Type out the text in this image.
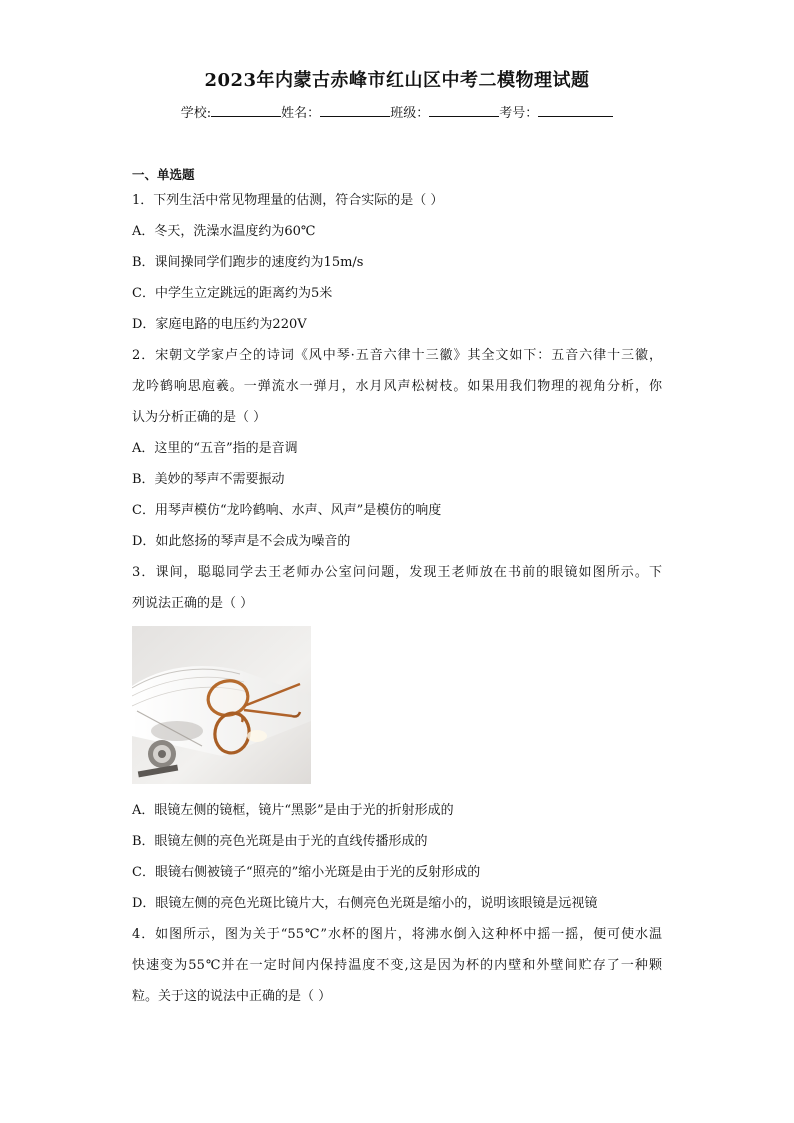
2023年内蒙古赤峰市红山区中考二模物理试题
学校:	姓名：	班级：	考号：
一、单选题
1．下列生活中常见物理量的估测，符合实际的是（ ）
A．冬天，洗澡水温度约为60℃
B．课间操同学们跑步的速度约为15m/s
C．中学生立定跳远的距离约为5米
D．家庭电路的电压约为220V
2．宋朝文学家卢仝的诗词《风中琴·五音六律十三徽》其全文如下：五音六律十三徽，
龙吟鹤响思庖羲。一弹流水一弹月，水月风声松树枝。如果用我们物理的视角分析，你
认为分析正确的是（ ）
A．这里的“五音”指的是音调
B．美妙的琴声不需要振动
C．用琴声模仿“龙吟鹤响、水声、风声”是模仿的响度
D．如此悠扬的琴声是不会成为噪音的
3．课间，聪聪同学去王老师办公室问问题，发现王老师放在书前的眼镜如图所示。下
列说法正确的是（ ）
A．眼镜左侧的镜框，镜片“黑影”是由于光的折射形成的
B．眼镜左侧的亮色光斑是由于光的直线传播形成的
C．眼镜右侧被镜子“照亮的”缩小光斑是由于光的反射形成的
D．眼镜左侧的亮色光斑比镜片大，右侧亮色光斑是缩小的，说明该眼镜是远视镜
4．如图所示，图为关于“55℃”水杯的图片，将沸水倒入这种杯中摇一摇，便可使水温
快速变为55℃并在一定时间内保持温度不变,这是因为杯的内壁和外壁间贮存了一种颗
粒。关于这的说法中正确的是（ ）
